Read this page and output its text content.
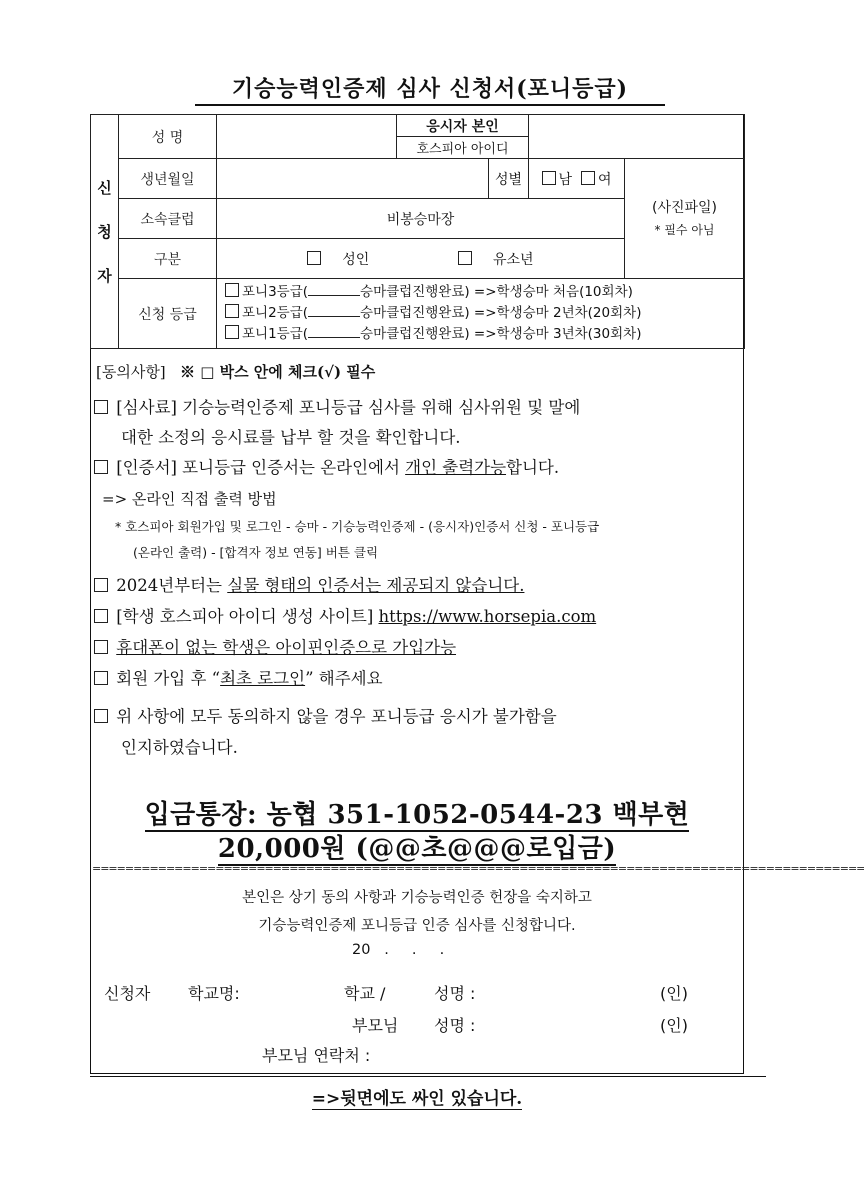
기승능력인증제 심사 신청서(포니등급)
신
청
자	성 명		응시자 본인			
			호스피아 아이디			
	생년월일			성별	남 여	(사진파일)
* 필수 아님

	소속클럽	비봉승마장				
	구분	성인 유소년				
	신청 등급	포니3등급( 승마클럽진행완료) =>학생승마 처음(10회차)
포니2등급( 승마클럽진행완료) =>학생승마 2년차(20회차)
포니1등급( 승마클럽진행완료) =>학생승마 3년차(30회차)				
[동의사항] ※ □ 박스 안에 체크(√) 필수
[심사료] 기승능력인증제 포니등급 심사를 위해 심사위원 및 말에
대한 소정의 응시료를 납부 할 것을 확인합니다.
[인증서] 포니등급 인증서는 온라인에서 개인 출력가능합니다.
=> 온라인 직접 출력 방법
* 호스피아 회원가입 및 로그인 - 승마 - 기승능력인증제 - (응시자)인증서 신청 - 포니등급
(온라인 출력) - [합격자 정보 연동] 버튼 클릭
2024년부터는 실물 형태의 인증서는 제공되지 않습니다.
[학생 호스피아 아이디 생성 사이트] https://www.horsepia.com
휴대폰이 없는 학생은 아이핀인증으로 가입가능
회원 가입 후 “최초 로그인” 해주세요
위 사항에 모두 동의하지 않을 경우 포니등급 응시가 불가함을
인지하였습니다.
입금통장: 농협 351-1052-0544-23 백부현
20,000원 (@@초@@@로입금)
==============================================================================================
본인은 상기 동의 사항과 기승능력인증 헌장을 숙지하고
기승능력인증제 포니등급 인증 심사를 신청합니다.
20   .     .     .
신청자 학교명:	학교 /	성명 :	(인)
부모님 성명 :	(인)
부모님 연락처 :
=>뒷면에도 싸인 있습니다.
